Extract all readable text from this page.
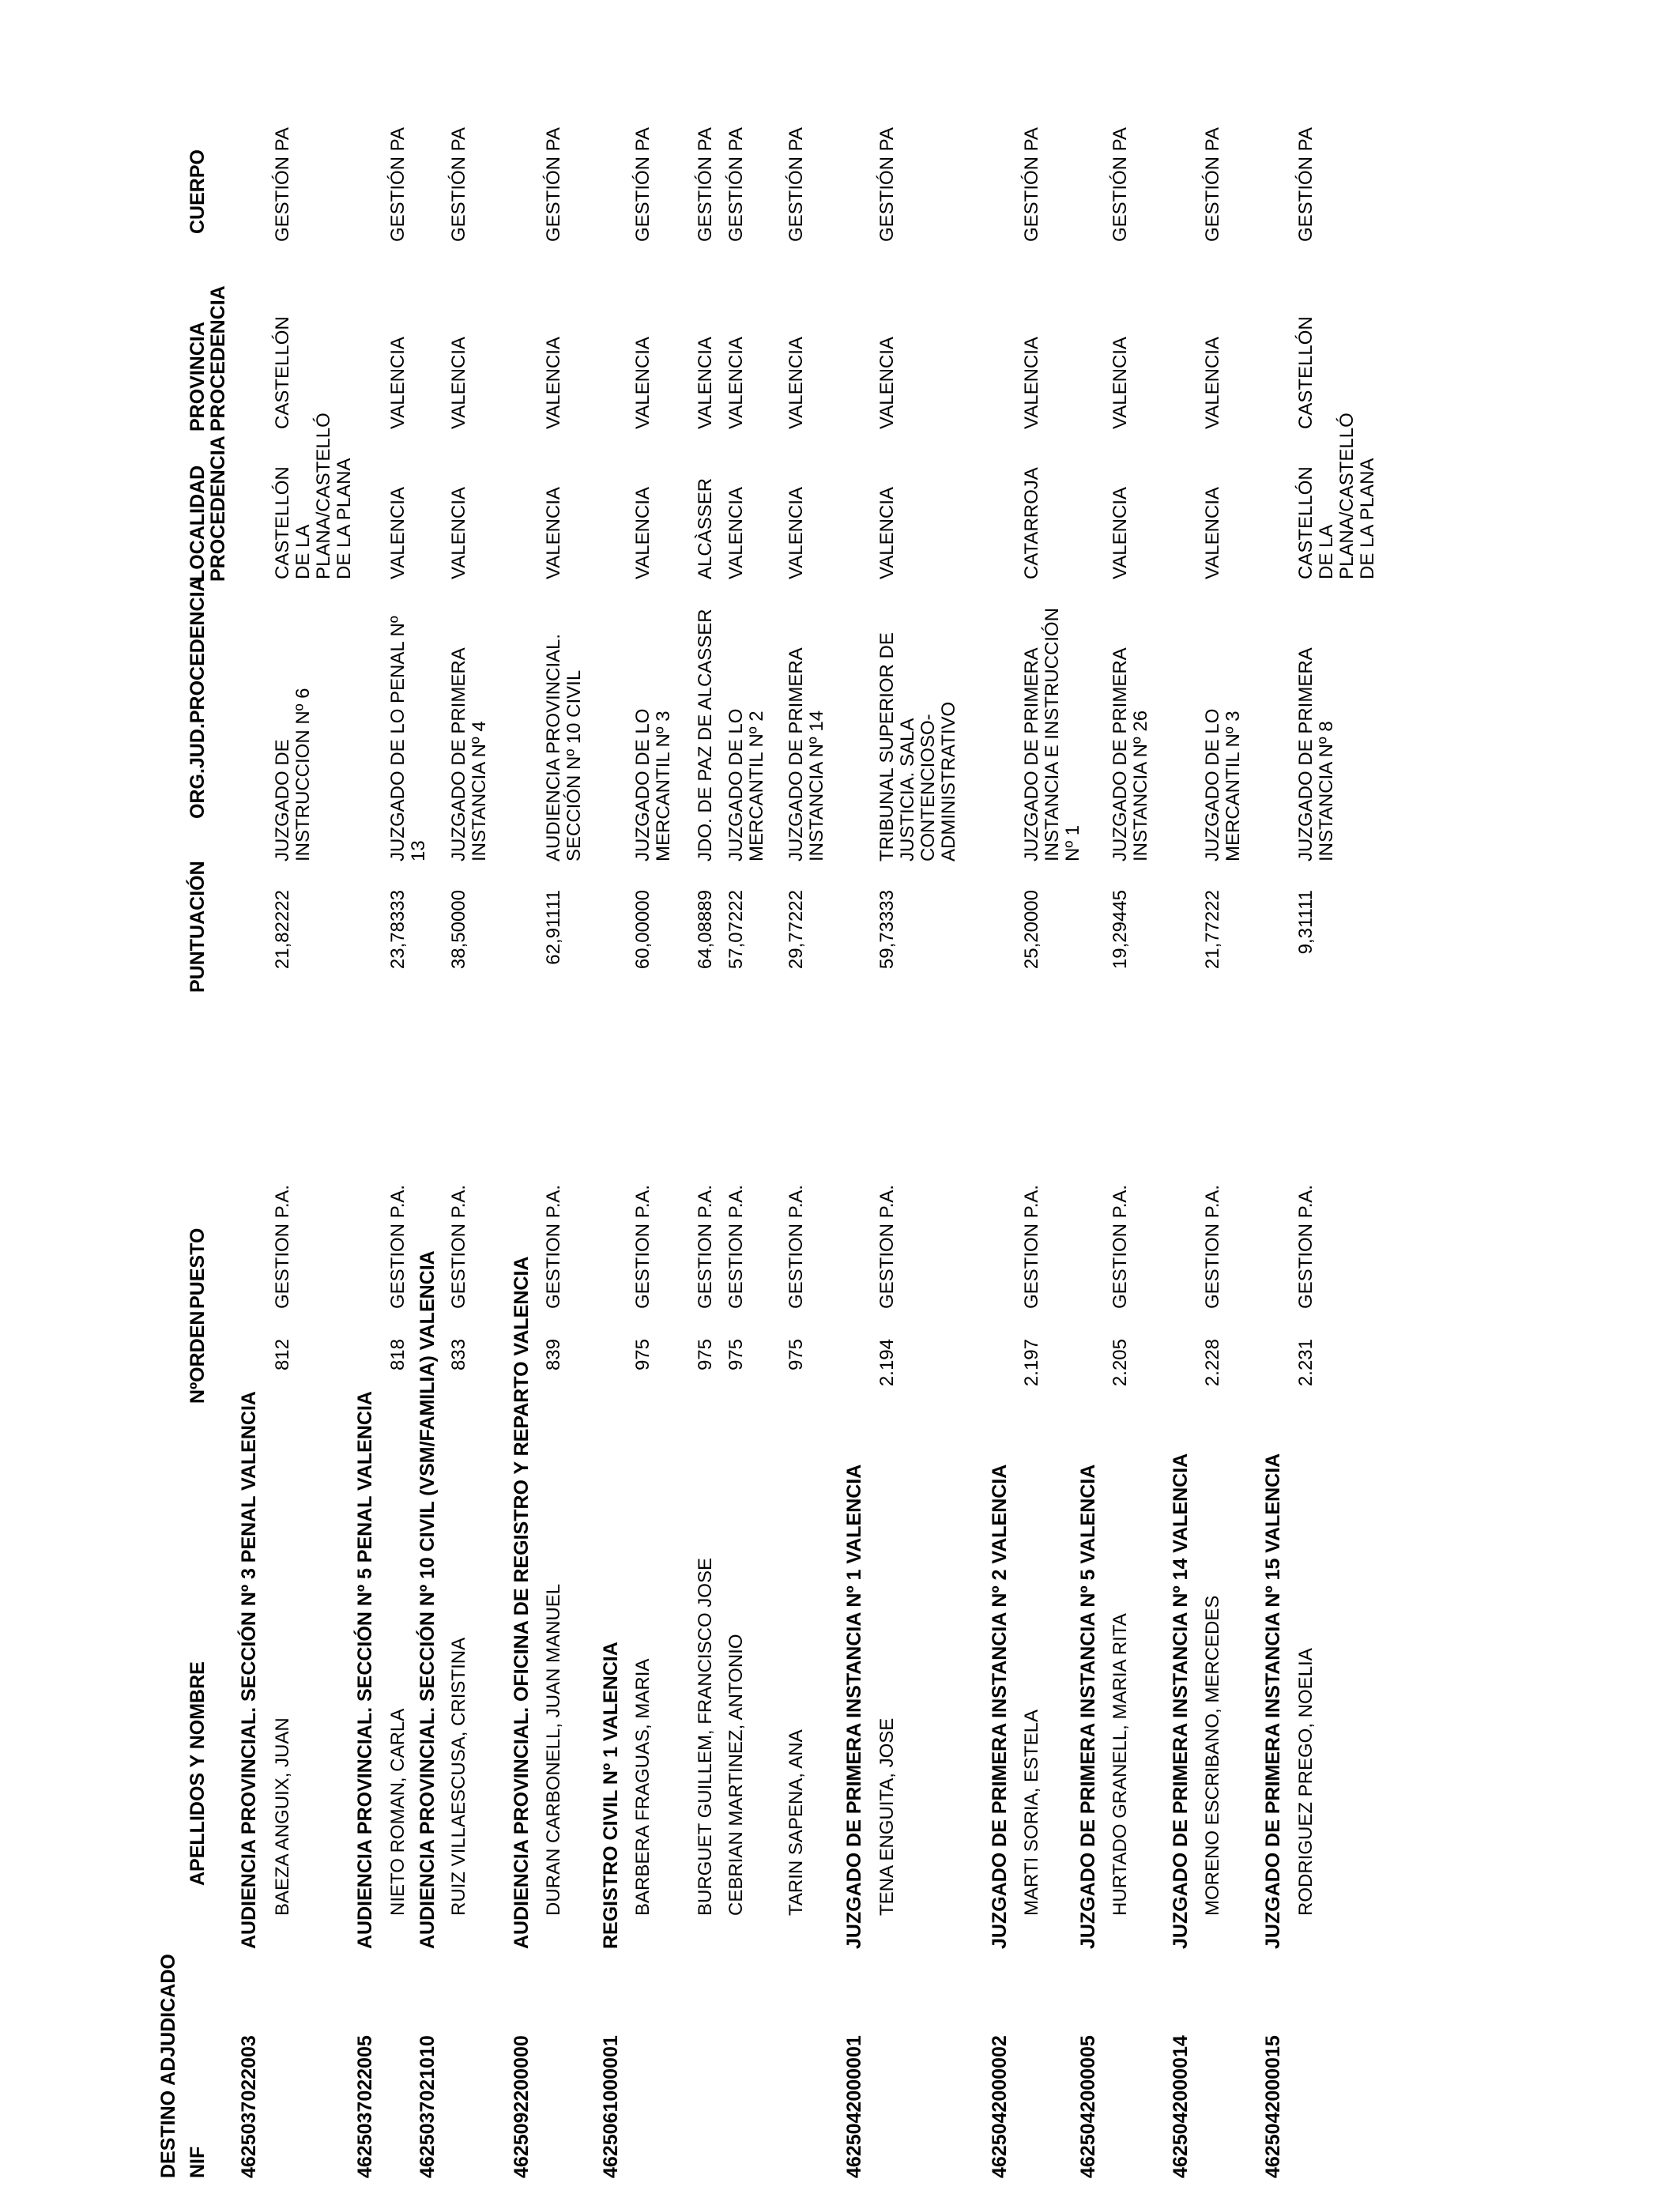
DESTINO ADJUDICADO NIF
APELLIDOS Y NOMBRE
NºORDEN
PUESTO
PUNTUACIÓN
ORG.JUD.PROCEDENCIA
LOCALIDAD
PROCEDENCIA
PROVINCIA
PROCEDENCIA
CUERPO
4625037022003
AUDIENCIA PROVINCIAL. SECCIÓN Nº 3 PENAL VALENCIA BAEZA ANGUIX, JUAN
812
GESTION P.A.
21,82222
JUZGADO DE INSTRUCCION Nº 6
CASTELLÓN DE LA PLANA/CASTELLÓ DE LA PLANA
CASTELLÓN
GESTIÓN PA
4625037022005
AUDIENCIA PROVINCIAL. SECCIÓN Nº 5 PENAL VALENCIA NIETO ROMAN, CARLA
818
GESTION P.A.
23,78333
JUZGADO DE LO PENAL Nº 13
VALENCIA
VALENCIA
GESTIÓN PA
4625037021010
AUDIENCIA PROVINCIAL. SECCIÓN Nº 10 CIVIL (VSM/FAMILIA) VALENCIA RUIZ VILLAESCUSA, CRISTINA
833
GESTION P.A.
38,50000
JUZGADO DE PRIMERA INSTANCIA Nº 4
VALENCIA
VALENCIA
GESTIÓN PA
4625092200000
AUDIENCIA PROVINCIAL. OFICINA DE REGISTRO Y REPARTO VALENCIA DURAN CARBONELL, JUAN MANUEL
839
GESTION P.A.
62,91111
AUDIENCIA PROVINCIAL. SECCIÓN Nº 10 CIVIL
VALENCIA
VALENCIA
GESTIÓN PA
4625061000001
REGISTRO CIVIL Nº 1 VALENCIA BARBERA FRAGUAS, MARIA
975
GESTION P.A.
60,00000
JUZGADO DE LO MERCANTIL Nº 3
VALENCIA
VALENCIA
GESTIÓN PA
BURGUET GUILLEM, FRANCISCO JOSE
975
GESTION P.A.
64,08889
JDO. DE PAZ DE ALCASSER
ALCÀSSER
VALENCIA
GESTIÓN PA
CEBRIAN MARTINEZ, ANTONIO
975
GESTION P.A.
57,07222
JUZGADO DE LO MERCANTIL Nº 2
VALENCIA
VALENCIA
GESTIÓN PA
TARIN SAPENA, ANA
975
GESTION P.A.
29,77222
JUZGADO DE PRIMERA INSTANCIA Nº 14
VALENCIA
VALENCIA
GESTIÓN PA
4625042000001
JUZGADO DE PRIMERA INSTANCIA Nº 1 VALENCIA TENA ENGUITA, JOSE
2.194
GESTION P.A.
59,73333
TRIBUNAL SUPERIOR DE JUSTICIA. SALA CONTENCIOSO-ADMINISTRATIVO
VALENCIA
VALENCIA
GESTIÓN PA
4625042000002
JUZGADO DE PRIMERA INSTANCIA Nº 2 VALENCIA MARTI SORIA, ESTELA
2.197
GESTION P.A.
25,20000
JUZGADO DE PRIMERA INSTANCIA E INSTRUCCIÓN Nº 1
CATARROJA
VALENCIA
GESTIÓN PA
4625042000005
JUZGADO DE PRIMERA INSTANCIA Nº 5 VALENCIA HURTADO GRANELL, MARIA RITA
2.205
GESTION P.A.
19,29445
JUZGADO DE PRIMERA INSTANCIA Nº 26
VALENCIA
VALENCIA
GESTIÓN PA
4625042000014
JUZGADO DE PRIMERA INSTANCIA Nº 14 VALENCIA MORENO ESCRIBANO, MERCEDES
2.228
GESTION P.A.
21,77222
JUZGADO DE LO MERCANTIL Nº 3
VALENCIA
VALENCIA
GESTIÓN PA
4625042000015
JUZGADO DE PRIMERA INSTANCIA Nº 15 VALENCIA RODRIGUEZ PREGO, NOELIA
2.231
GESTION P.A.
9,31111
JUZGADO DE PRIMERA INSTANCIA Nº 8
CASTELLÓN DE LA PLANA/CASTELLÓ DE LA PLANA
CASTELLÓN
GESTIÓN PA
